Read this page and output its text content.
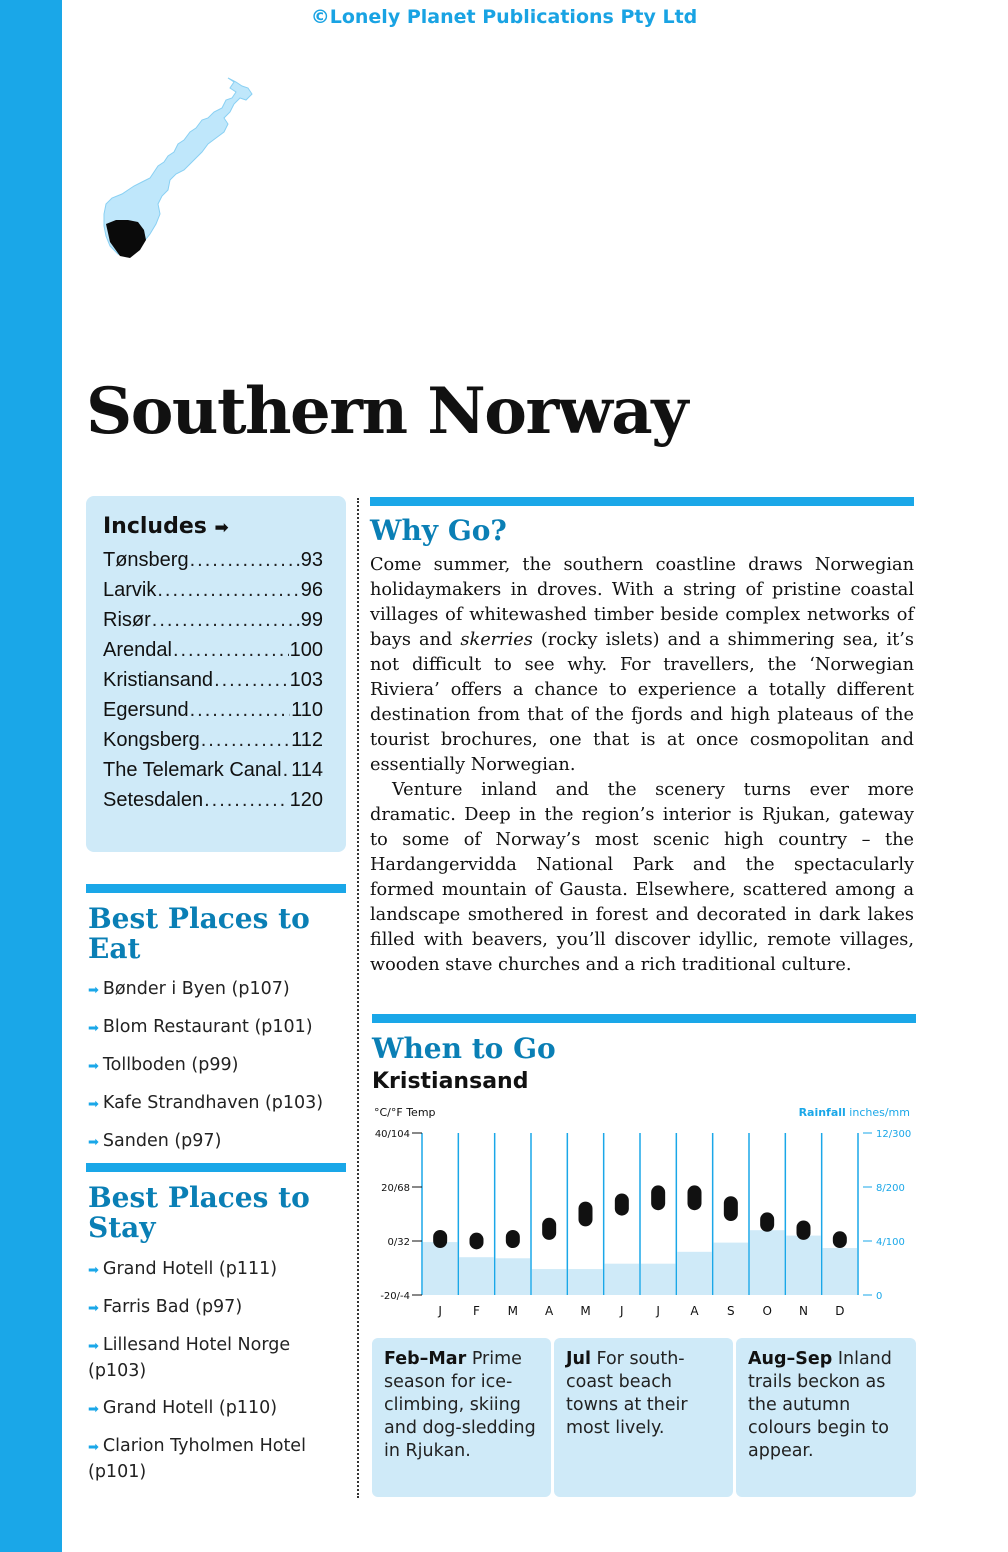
©Lonely Planet Publications Pty Ltd
Southern Norway
Includes ➡
Tønsberg .....	93
Larvik .....	96
Risør .....	99
Arendal .....	100
Kristiansand .....	103
Egersund .....	110
Kongsberg .....	112
The Telemark Canal ..... 114
Setesdalen .....	120
Best Places to
Eat
➡ Bønder i Byen (p107)
➡ Blom Restaurant (p101)
➡ Tollboden (p99)
➡ Kafe Strandhaven (p103)
➡ Sanden (p97)
Best Places to
Stay
➡ Grand Hotell (p111)
➡ Farris Bad (p97)
➡ Lillesand Hotel Norge (p103)
➡ Grand Hotell (p110)
➡ Clarion Tyholmen Hotel (p101)
Why Go?

Come summer, the southern coastline draws Norwegian holidaymakers in droves. With a string of pristine coastal villages of whitewashed timber beside complex networks of bays and skerries (rocky islets) and a shimmering sea, it’s not difficult to see why. For travellers, the ‘Norwegian Riviera’ offers a chance to experience a totally different destination from that of the fjords and high plateaus of the tourist brochures, one that is at once cosmopolitan and essentially Norwegian.

Venture inland and the scenery turns ever more dramatic. Deep in the region’s interior is Rjukan, gateway to some of Norway’s most scenic high country – the Hardangervidda National Park and the spectacularly formed mountain of Gausta. Elsewhere, scattered among a landscape smothered in forest and decorated in dark lakes filled with beavers, you’ll discover idyllic, remote villages, wooden stave churches and a rich traditional culture.

When to Go
Kristiansand
°C/°F Temp	Rainfall inches/mm
40/104
20/68
0/32
-20/-4
12/300
8/200
4/100
0
J	F M A M J	J	A S O N D
Feb–Mar Prime season for ice-climbing, skiing and dog-sledding in Rjukan.
Jul For south-coast beach towns at their most lively.
Aug–Sep Inland trails beckon as the autumn colours begin to appear.
